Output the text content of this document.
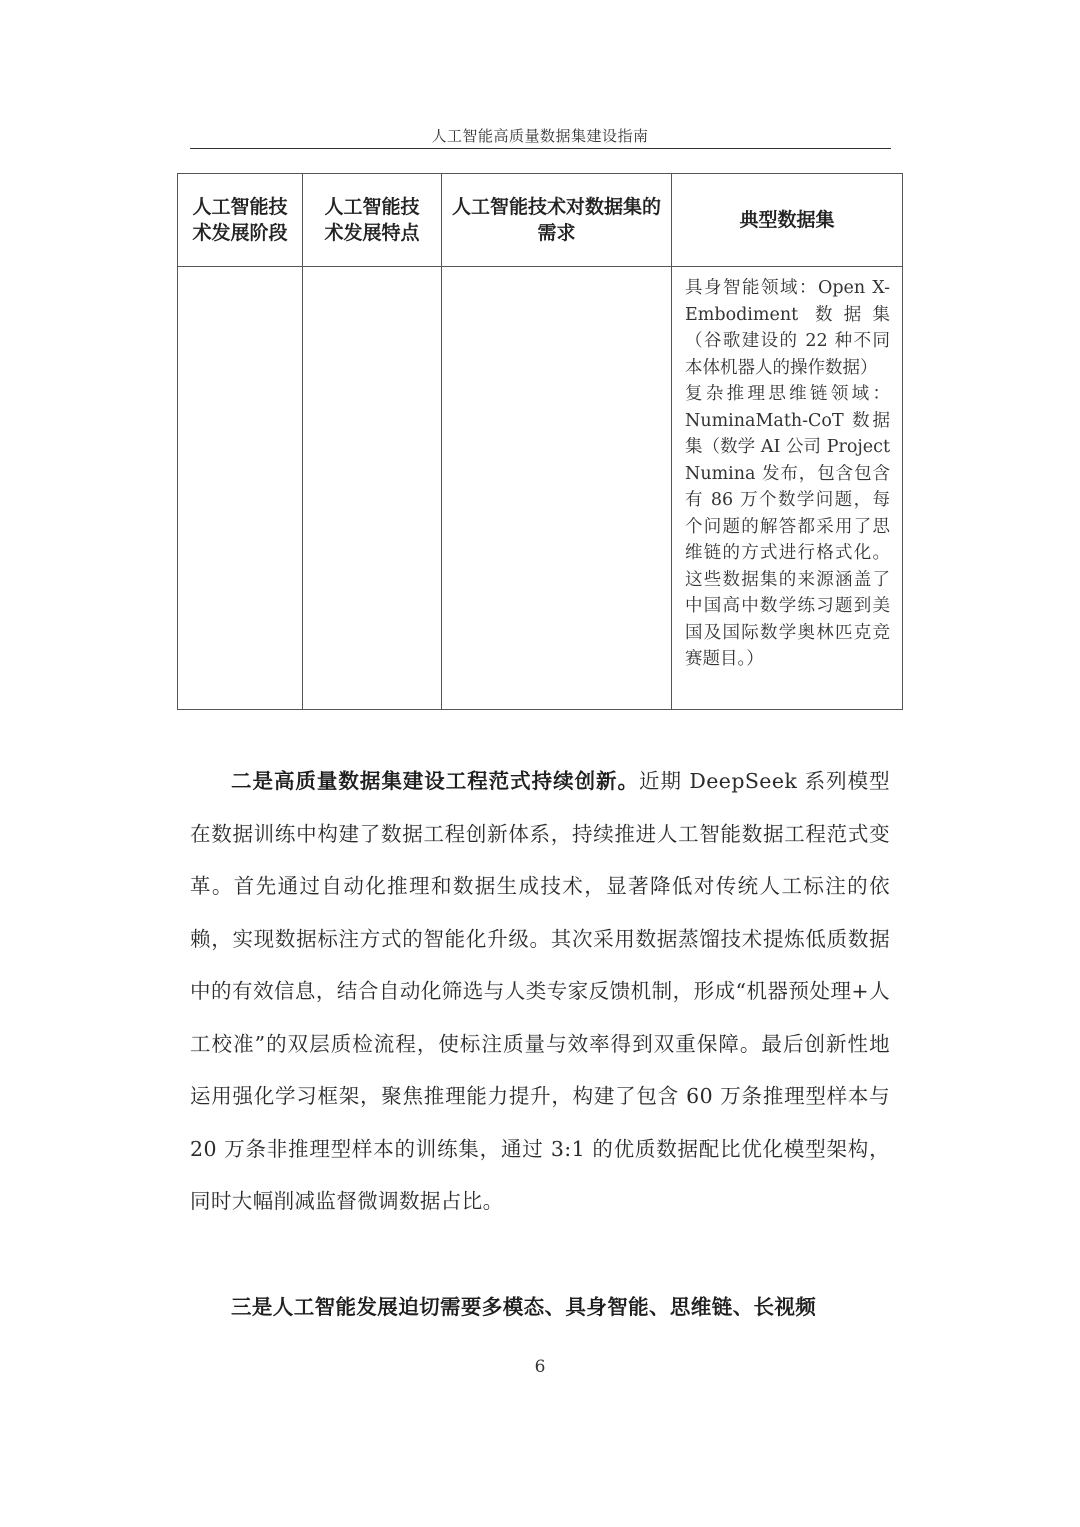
人工智能高质量数据集建设指南
人工智能技术发展阶段	人工智能技术发展特点	人工智能技术对数据集的需求	典型数据集

			具身智能领域：Open X-Embodiment 数据集（谷歌建设的 22 种不同本体机器人的操作数据）
复杂推理思维链领域：NuminaMath-CoT 数据集（数学 AI 公司 Project Numina 发布，包含包含有 86 万个数学问题，每个问题的解答都采用了思维链的方式进行格式化。这些数据集的来源涵盖了中国高中数学练习题到美国及国际数学奥林匹克竞赛题目。）

二是高质量数据集建设工程范式持续创新。近期 DeepSeek 系列模型在数据训练中构建了数据工程创新体系，持续推进人工智能数据工程范式变革。首先通过自动化推理和数据生成技术，显著降低对传统人工标注的依赖，实现数据标注方式的智能化升级。其次采用数据蒸馏技术提炼低质数据中的有效信息，结合自动化筛选与人类专家反馈机制，形成“机器预处理+人工校准”的双层质检流程，使标注质量与效率得到双重保障。最后创新性地运用强化学习框架，聚焦推理能力提升，构建了包含 60 万条推理型样本与 20 万条非推理型样本的训练集，通过 3:1 的优质数据配比优化模型架构，同时大幅削减监督微调数据占比。

三是人工智能发展迫切需要多模态、具身智能、思维链、长视频

6
